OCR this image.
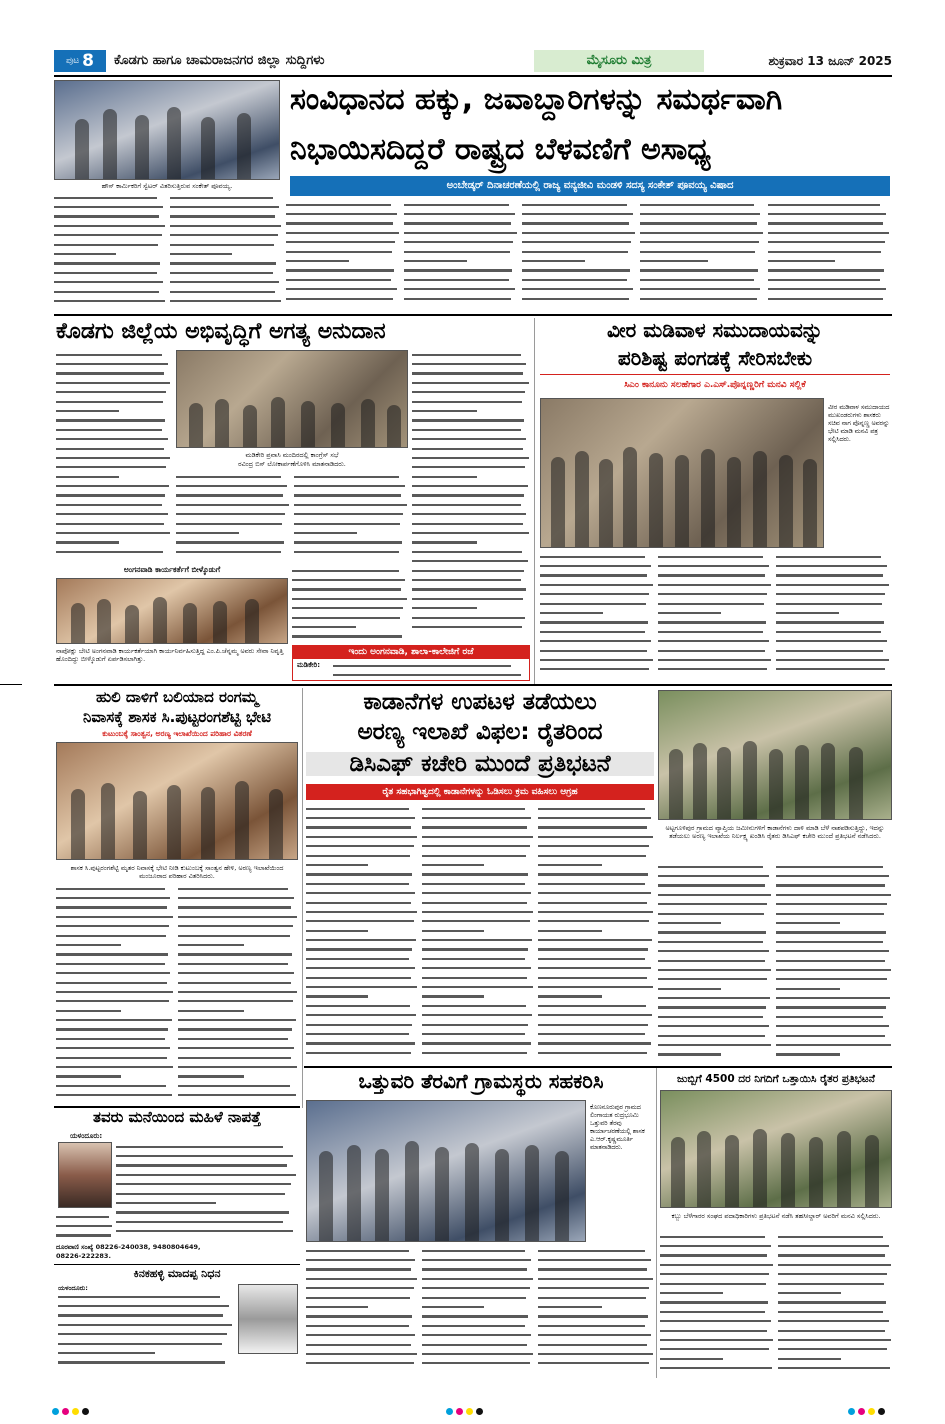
ಪುಟ 8 ಕೊಡಗು ಹಾಗೂ ಚಾಮರಾಜನಗರ ಜಿಲ್ಲಾ ಸುದ್ದಿಗಳು	ಮೈಸೂರು ಮಿತ್ರ	ಶುಕ್ರವಾರ 13 ಜೂನ್ 2025
ಹೌಸ್ ಕಾರ್ಮಿಕರಿಗೆ ಸ್ವೆಟರ್ ವಿತರಿಸುತ್ತಿರುವ ಸಂಕೇತ್ ಪೂವಯ್ಯ.
ಸಂವಿಧಾನದ ಹಕ್ಕು, ಜವಾಬ್ದಾರಿಗಳನ್ನು ಸಮರ್ಥವಾಗಿ
ನಿಭಾಯಿಸದಿದ್ದರೆ ರಾಷ್ಟ್ರದ ಬೆಳವಣಿಗೆ ಅಸಾಧ್ಯ
ಅಂಬೇಡ್ಕರ್ ದಿನಾಚರಣೆಯಲ್ಲಿ ರಾಜ್ಯ ವನ್ಯಜೀವಿ ಮಂಡಳಿ ಸದಸ್ಯ ಸಂಕೇತ್ ಪೂವಯ್ಯ ವಿಷಾದ
ಕೊಡಗು ಜಿಲ್ಲೆಯ ಅಭಿವೃದ್ಧಿಗೆ ಅಗತ್ಯ ಅನುದಾನ
ಮಡಿಕೇರಿ ಪ್ರವಾಸಿ ಮಂದಿರದಲ್ಲಿ ಕಾಂಗ್ರೆಸ್ ಸಭೆ
ರವಿಂದ್ರ ಬಿಸ್ ಲೋಕಾರ್ಪಣೆಗೊಳಿಸಿ ಮಾತನಾಡಿದರು.
ಅಂಗನವಾಡಿ ಕಾರ್ಯಕರ್ತೆಗೆ ಬೀಳ್ಕೊಡುಗೆ
ನಾಪೋಕ್ಲು ಬೇಟಿ ಅಂಗನವಾಡಿ ಕಾರ್ಯಕರ್ತೆಯಾಗಿ ಕಾರ್ಯನಿರ್ವಹಿಸುತ್ತಿದ್ದ ಎಂ.ಪಿ.ಚೆನ್ನಮ್ಮ ಅವರು ಸೇವಾ ನಿವೃತ್ತಿ ಹೊಂದಿದ್ದು ಬೀಳ್ಕೊಡುಗೆ ಏರ್ಪಡಿಸಲಾಗಿತ್ತು.
ಇಂದು ಅಂಗನವಾಡಿ, ಶಾಲಾ-ಕಾಲೇಜಿಗೆ ರಜೆ
ಮಡಿಕೇರಿ:
ವೀರ ಮಡಿವಾಳ ಸಮುದಾಯವನ್ನು
ಪರಿಶಿಷ್ಟ ಪಂಗಡಕ್ಕೆ ಸೇರಿಸಬೇಕು
ಸಿಎಂ ಕಾನೂನು ಸಲಹೆಗಾರ ಎ.ಎಸ್.ಪೊನ್ನಣ್ಣರಿಗೆ ಮನವಿ ಸಲ್ಲಿಕೆ
ವೀರ ಮಡಿವಾಳ ಸಮುದಾಯದ ಮುಖಂಡರುಗಳು ಶಾಸಕರು ಸಚಿವ ನಾಗ ಪೊನ್ನಣ್ಣ ಅವರನ್ನು ಭೇಟಿ ಮಾಡಿ ಮನವಿ ಪತ್ರ ಸಲ್ಲಿಸಿದರು.
ಹುಲಿ ದಾಳಿಗೆ ಬಲಿಯಾದ ರಂಗಮ್ಮ
ನಿವಾಸಕ್ಕೆ ಶಾಸಕ ಸಿ.ಪುಟ್ಟರಂಗಶೆಟ್ಟಿ ಭೇಟಿ
ಕುಟುಂಬಕ್ಕೆ ಸಾಂತ್ವನ, ಅರಣ್ಯ ಇಲಾಖೆಯಿಂದ ಪರಿಹಾರ ವಿತರಣೆ
ಶಾಸಕ ಸಿ.ಪುಟ್ಟರಂಗಶೆಟ್ಟಿ ಮೃತರ ನಿವಾಸಕ್ಕೆ ಭೇಟಿ ನೀಡಿ ಕುಟುಂಬಕ್ಕೆ ಸಾಂತ್ವನ ಹೇಳಿ, ಅರಣ್ಯ ಇಲಾಖೆಯಿಂದ ಮಂಜೂರಾದ ಪರಿಹಾರ ವಿತರಿಸಿದರು.
ಕಾಡಾನೆಗಳ ಉಪಟಳ ತಡೆಯಲು
ಅರಣ್ಯ ಇಲಾಖೆ ವಿಫಲ: ರೈತರಿಂದ
ಡಿಸಿಎಫ್ ಕಚೇರಿ ಮುಂದೆ ಪ್ರತಿಭಟನೆ
ರೈತ ಸಹಭಾಗಿತ್ವದಲ್ಲಿ ಕಾಡಾನೆಗಳನ್ನು ಓಡಿಸಲು ಕ್ರಮ ವಹಿಸಲು ಆಗ್ರಹ
ಅಟ್ಟಗೂಳಿಪುರ ಗ್ರಾಮದ ವ್ಯಾಪ್ತಿಯ ಜಮೀನುಗಳಿಗೆ ಕಾಡಾನೆಗಳು ದಾಳಿ ಮಾಡಿ ಬೆಳೆ ನಾಶಪಡಿಸುತ್ತಿದ್ದು, ಇದನ್ನು ತಡೆಯಲು ಅರಣ್ಯ ಇಲಾಖೆಯ ನಿರ್ಲಕ್ಷ್ಯ ಖಂಡಿಸಿ ರೈತರು ಡಿಸಿಎಫ್ ಕಚೇರಿ ಮುಂದೆ ಪ್ರತಿಭಟನೆ ನಡೆಸಿದರು.
ಒತ್ತುವರಿ ತೆರವಿಗೆ ಗ್ರಾಮಸ್ಥರು ಸಹಕರಿಸಿ
ಕೊಣನೂರುಪುರ ಗ್ರಾಮದ ಲಿಂಗಾಯತ ರುದ್ರಭೂಮಿ ಒತ್ತುವರಿ ತೆರವು ಕಾರ್ಯಾಚರಣೆಯಲ್ಲಿ ಶಾಸಕ ಎ.ಆರ್.ಕೃಷ್ಣಮೂರ್ತಿ ಮಾತನಾಡಿದರು.
ಜುಬ್ಬಿಗೆ 4500 ದರ ನಿಗದಿಗೆ ಒತ್ತಾಯಿಸಿ ರೈತರ ಪ್ರತಿಭಟನೆ
ಕಬ್ಬು ಬೆಳೆಗಾರರ ಸಂಘದ ಪದಾಧಿಕಾರಿಗಳು ಪ್ರತಿಭಟನೆ ನಡೆಸಿ ತಹಸೀಲ್ದಾರ್ ಅವರಿಗೆ ಮನವಿ ಸಲ್ಲಿಸಿದರು.
ತವರು ಮನೆಯಿಂದ ಮಹಿಳೆ ನಾಪತ್ತೆ
ಯಳಂದೂರು:
ದೂರವಾಣಿ ಸಂಖ್ಯೆ 08226-240038, 9480804649,
08226-222283.
ಕಿನಕಹಳ್ಳಿ ಮಾದಪ್ಪ ನಿಧನ
ಯಳಂದೂರು:
